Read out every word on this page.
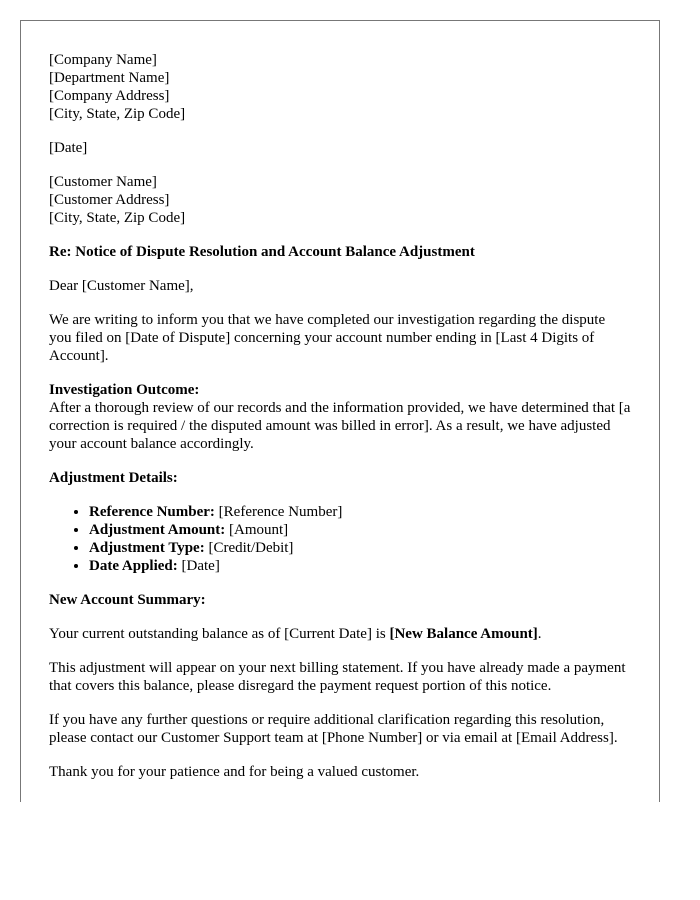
[Company Name]
[Department Name]
[Company Address]
[City, State, Zip Code]

[Date]

[Customer Name]
[Customer Address]
[City, State, Zip Code]

Re: Notice of Dispute Resolution and Account Balance Adjustment

Dear [Customer Name],

We are writing to inform you that we have completed our investigation regarding the dispute you filed on [Date of Dispute] concerning your account number ending in [Last 4 Digits of Account].

Investigation Outcome:
After a thorough review of our records and the information provided, we have determined that [a correction is required / the disputed amount was billed in error]. As a result, we have adjusted your account balance accordingly.

Adjustment Details:

• Reference Number: [Reference Number]
• Adjustment Amount: [Amount]
• Adjustment Type: [Credit/Debit]
• Date Applied: [Date]

New Account Summary:

Your current outstanding balance as of [Current Date] is [New Balance Amount].

This adjustment will appear on your next billing statement. If you have already made a payment that covers this balance, please disregard the payment request portion of this notice.

If you have any further questions or require additional clarification regarding this resolution, please contact our Customer Support team at [Phone Number] or via email at [Email Address].

Thank you for your patience and for being a valued customer.
